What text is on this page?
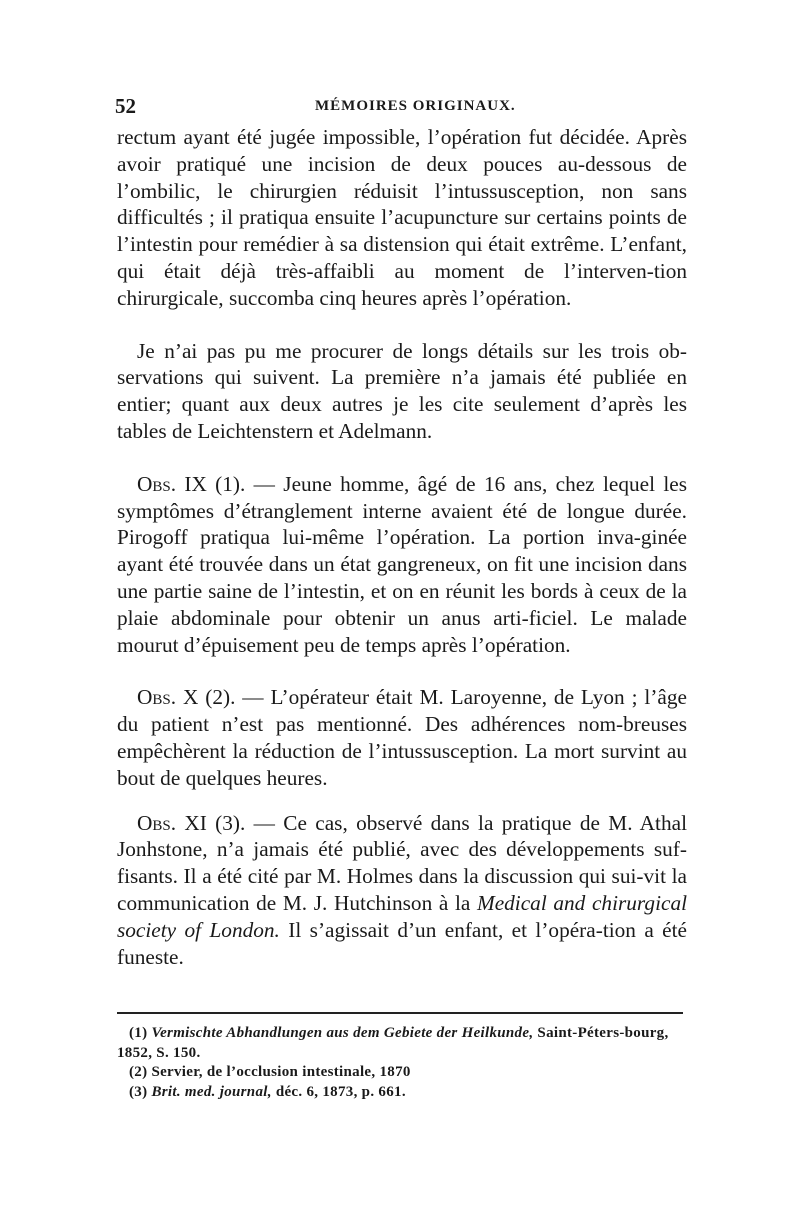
52	MÉMOIRES ORIGINAUX.

rectum ayant été jugée impossible, l’opération fut décidée. Après avoir pratiqué une incision de deux pouces au-dessous de l’ombilic, le chirurgien réduisit l’intussusception, non sans difficultés ; il pratiqua ensuite l’acupuncture sur certains points de l’intestin pour remédier à sa distension qui était extrême. L’enfant, qui était déjà très-affaibli au moment de l’interven-tion chirurgicale, succomba cinq heures après l’opération.

Je n’ai pas pu me procurer de longs détails sur les trois ob-servations qui suivent. La première n’a jamais été publiée en entier; quant aux deux autres je les cite seulement d’après les tables de Leichtenstern et Adelmann.

Obs. IX (1). — Jeune homme, âgé de 16 ans, chez lequel les symptômes d’étranglement interne avaient été de longue durée. Pirogoff pratiqua lui-même l’opération. La portion inva-ginée ayant été trouvée dans un état gangreneux, on fit une incision dans une partie saine de l’intestin, et on en réunit les bords à ceux de la plaie abdominale pour obtenir un anus arti-ficiel. Le malade mourut d’épuisement peu de temps après l’opération.

Obs. X (2). — L’opérateur était M. Laroyenne, de Lyon ; l’âge du patient n’est pas mentionné. Des adhérences nom-breuses empêchèrent la réduction de l’intussusception. La mort survint au bout de quelques heures.

Obs. XI (3). — Ce cas, observé dans la pratique de M. Athal Jonhstone, n’a jamais été publié, avec des développements suf-fisants. Il a été cité par M. Holmes dans la discussion qui sui-vit la communication de M. J. Hutchinson à la Medical and chirurgical society of London. Il s’agissait d’un enfant, et l’opéra-tion a été funeste.

(1) Vermischte Abhandlungen aus dem Gebiete der Heilkunde, Saint-Péters-bourg, 1852, S. 150.

(2) Servier, de l’occlusion intestinale, 1870

(3) Brit. med. journal, déc. 6, 1873, p. 661.
